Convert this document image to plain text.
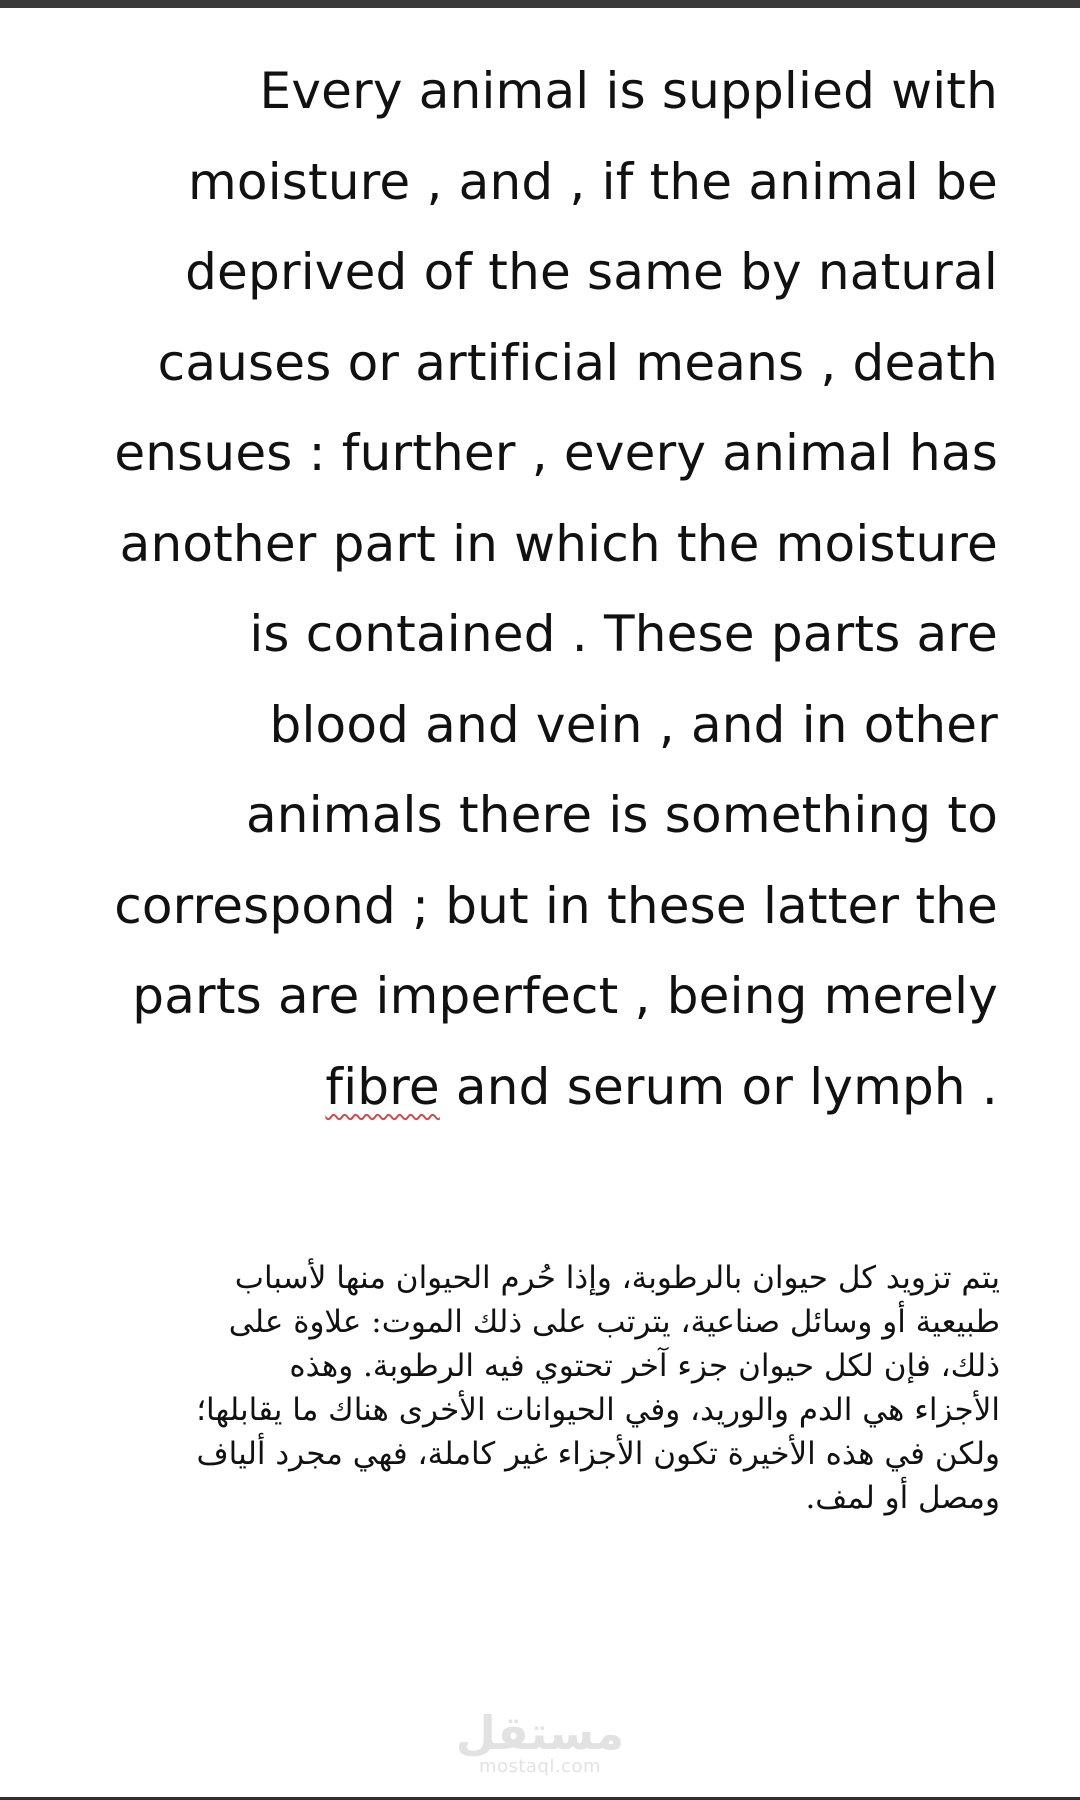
Every animal is supplied with
moisture , and , if the animal be
deprived of the same by natural
causes or artificial means , death
ensues : further , every animal has
another part in which the moisture
is contained . These parts are
blood and vein , and in other
animals there is something to
correspond ; but in these latter the
parts are imperfect , being merely
fibre and serum or lymph .
يتم تزويد كل حيوان بالرطوبة، وإذا حُرم الحيوان منها لأسباب
طبيعية أو وسائل صناعية، يترتب على ذلك الموت: علاوة على
ذلك، فإن لكل حيوان جزء آخر تحتوي فيه الرطوبة. وهذه
الأجزاء هي الدم والوريد، وفي الحيوانات الأخرى هناك ما يقابلها؛
ولكن في هذه الأخيرة تكون الأجزاء غير كاملة، فهي مجرد ألياف
ومصل أو لمف.
مستقل
mostaql.com
